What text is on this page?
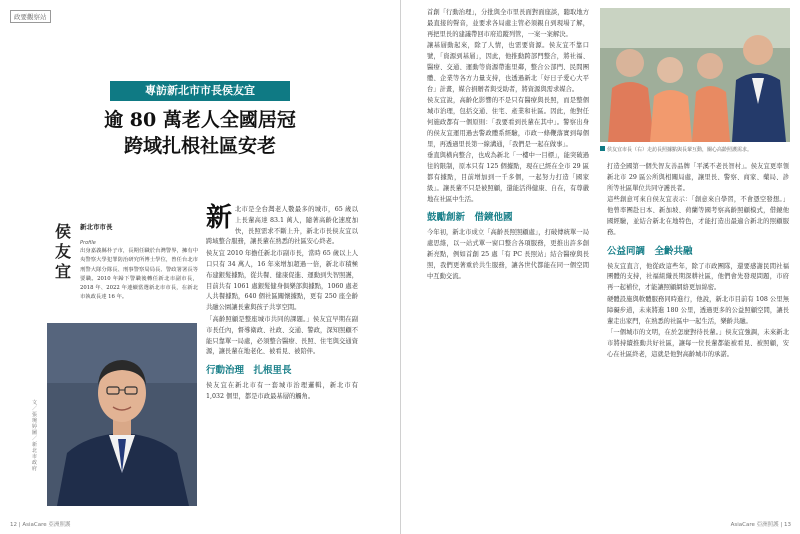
政要觀察站
專訪新北市市長侯友宜
逾 80 萬老人全國居冠
跨域扎根社區安老
侯
友
宜
新北市市長
Profile
出身嘉義縣朴子市，長期任職於台灣警界，擁有中央警察大學犯罪防治研究所博士學位，曾任台北市刑警大隊分隊長、刑事警察局局長、警政署署長等要職。2010 年歸下警職後轉任新北市副市長，2018 年、2022 年連續當選新北市市長，在新北市執政長達 16 年。
文／張琬婷 圖／新北市政府

新北市是全台灣老人數最多的城市，65 歲以上長輩高達 83.1 萬人，隨著高齡化速度加快，長照需求不斷上升，新北市長侯友宜以跨域整合服務，讓長輩在熟悉的社區安心終老。

侯友宜 2010 年擔任新北市副市長，當時 65 歲以上人口只有 34 萬人，16 年來增加超過一倍，新北市積極布建銀髮據點，從共餐、健康促進、運動到失智照護，目前共有 1061 處銀髮健身俱樂部與據點，1060 處老人共餐據點，640 個社區關懷據點，更有 250 座全齡共融公園讓長輩與孩子共享空間。

「高齡照顧是整座城市共同的課題。」侯友宜早期在副市長任內，督導衛政、社政、交通、警政，深知照顧不能只靠單一局處，必須整合醫療、長照、住宅與交通資源，讓長輩在地老化、被看見、被陪伴。

行動治理　扎根里長

侯友宜在新北市有一套城市治理邏輯，新北市有 1,032 個里，都是市政最基層的觸角。

12 | AsiaCare 亞洲照護

首創「行動治理」，分批與全市里長面對面座談，聽取地方最直接的聲音，並要求各局處主管必須親自到現場了解，再把里長的建議帶回市府追蹤列管，一案一案解決。

讓基層動起來，除了人情，也需要資源。侯友宜不靠口號，「資源到基層」，因此，他推動跨部門整合，將社福、醫療、交通、運動等資源帶進里鄰，整合公部門、民間團體、企業等各方力量支持，也透過新北「好日子愛心大平台」計畫，媒合捐贈者與受助者，將資源與需求媒合。

侯友宜說，高齡化影響的不是只有醫療與長照，而是整個城市治理，包括交通、住宅、產業和社區。因此，他對任何施政都有一個原則：「我要看到長輩在其中」。警察出身的侯友宜運用過去警政體系經驗，市政一條鞭落實到每個里，再透過里長第一線溝通，「我們是一起在做事」。

垂直與橫向整合，也成為新北「一樓中一目標」，能突破過往的限制，原本只有 125 個據點，現在已經在全市 29 區都有據點，目前增加到一千多個，一起努力打造「國家級」。讓長輩不只是被照顧，還能活得健康、自在，有尊嚴地在社區中生活。

鼓勵創新　借鏡他國

今年初，新北市成立「高齡長照照顧處」，打破傳統單一局處思維，以一站式單一窗口整合各項服務，更推出許多創新亮點，例如首創 25 處「有 PC 長照站」結合醫療與長照，我們更著重於共生服務，讓各世代都能在同一個空間中互動交流。

打造全國第一個失智友善品牌「平溪不老長智村」。侯友宜更率領新北市 29 區公所與相關局處，讓里長、警察、商家、藥局、診所等社區單位共同守護長者。

這些創意可來自侯友宜表示：「創意來自學習，不會憑空發想。」他曾率團赴日本、新加坡、荷蘭等國考察高齡照顧模式，借鏡他國經驗，並結合新北在地特色，才能打造出最適合新北的照顧服務。

公益同調　全齡共融

侯友宜直言，他從政這些年，除了市政團隊，還要感謝民間社福團體的支持，社福組織長期深耕社區，他們會先發現問題，市府再一起補位，才能讓照顧網絡更加綿密。

硬體設施與軟體服務同時進行，他說，新北市目前有 108 公里無障礙步道，未來將進 180 公里，透過更多的公益照顧空間，讓長輩走出家門，在熟悉的社區中一起生活，樂齡共融。

「一個城市的文明，在於怎麼對待長輩。」侯友宜強調，未來新北市將持續推動共好社區，讓每一位長輩都能被看見、被照顧，安心在社區終老，這就是他對高齡城市的承諾。

AsiaCare 亞洲照護 | 13
侯友宜市長（右）走訪長照據點與長輩互動，關心高齡照護需求。
